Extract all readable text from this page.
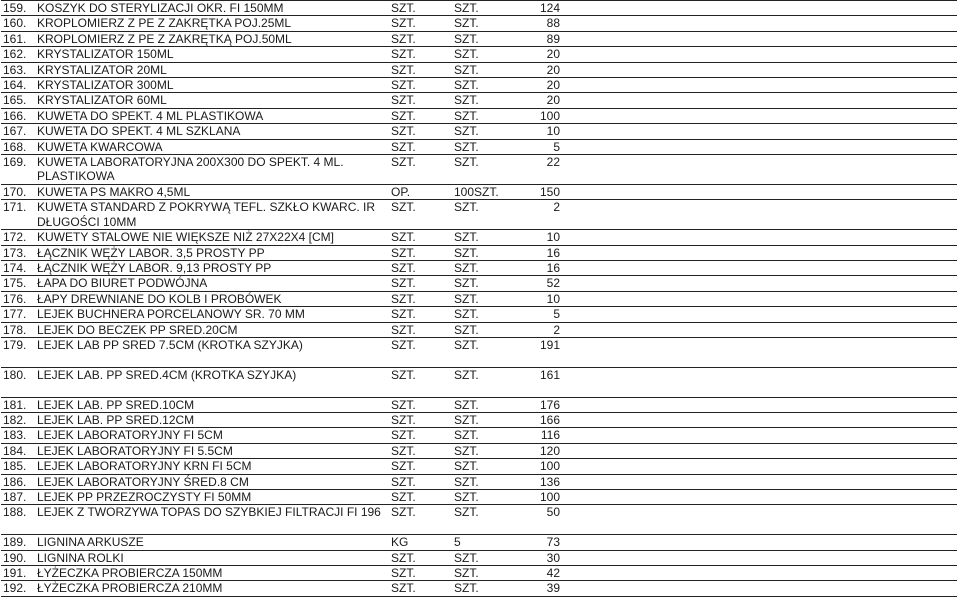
159.	KOSZYK DO STERYLIZACJI OKR. FI 150MM	SZT.	SZT.	124	
160.	KROPLOMIERZ Z PE Z ZAKRĘTKA POJ.25ML	SZT.	SZT.	88	
161.	KROPLOMIERZ Z PE Z ZAKRĘTKĄ POJ.50ML	SZT.	SZT.	89	
162.	KRYSTALIZATOR 150ML	SZT.	SZT.	20	
163.	KRYSTALIZATOR 20ML	SZT.	SZT.	20	
164.	KRYSTALIZATOR 300ML	SZT.	SZT.	20	
165.	KRYSTALIZATOR 60ML	SZT.	SZT.	20	
166.	KUWETA DO SPEKT. 4 ML PLASTIKOWA	SZT.	SZT.	100	
167.	KUWETA DO SPEKT. 4 ML SZKLANA	SZT.	SZT.	10	
168.	KUWETA KWARCOWA	SZT.	SZT.	5	
169.	KUWETA LABORATORYJNA 200X300 DO SPEKT. 4 ML. PLASTIKOWA	SZT.	SZT.	22	
170.	KUWETA PS MAKRO 4,5ML	OP.	100SZT.	150	
171.	KUWETA STANDARD Z POKRYWĄ TEFL. SZKŁO KWARC. IR DŁUGOŚCI 10MM	SZT.	SZT.	2	
172.	KUWETY STALOWE NIE WIĘKSZE NIŻ 27X22X4 [CM]	SZT.	SZT.	10	
173.	ŁĄCZNIK WĘŻY LABOR. 3,5 PROSTY PP	SZT.	SZT.	16	
174.	ŁĄCZNIK WĘŻY LABOR. 9,13 PROSTY PP	SZT.	SZT.	16	
175.	ŁAPA DO BIURET PODWÓJNA	SZT.	SZT.	52	
176.	ŁAPY DREWNIANE DO KOLB I PROBÓWEK	SZT.	SZT.	10	
177.	LEJEK BUCHNERA PORCELANOWY SR. 70 MM	SZT.	SZT.	5	
178.	LEJEK DO BECZEK PP SRED.20CM	SZT.	SZT.	2	
179.	LEJEK LAB PP SRED 7.5CM (KROTKA SZYJKA)	SZT.	SZT.	191	
180.	LEJEK LAB. PP SRED.4CM (KROTKA SZYJKA)	SZT.	SZT.	161	
181.	LEJEK LAB. PP SRED.10CM	SZT.	SZT.	176	
182.	LEJEK LAB. PP SRED.12CM	SZT.	SZT.	166	
183.	LEJEK LABORATORYJNY FI 5CM	SZT.	SZT.	116	
184.	LEJEK LABORATORYJNY FI 5.5CM	SZT.	SZT.	120	
185.	LEJEK LABORATORYJNY KRN FI 5CM	SZT.	SZT.	100	
186.	LEJEK LABORATORYJNY ŚRED.8 CM	SZT.	SZT.	136	
187.	LEJEK PP PRZEZROCZYSTY FI 50MM	SZT.	SZT.	100	
188.	LEJEK Z TWORZYWA TOPAS DO SZYBKIEJ FILTRACJI FI 196	SZT.	SZT.	50	
189.	LIGNINA ARKUSZE	KG	5	73	
190.	LIGNINA ROLKI	SZT.	SZT.	30	
191.	ŁYŻECZKA PROBIERCZA 150MM	SZT.	SZT.	42	
192.	ŁYŻECZKA PROBIERCZA 210MM	SZT.	SZT.	39	
